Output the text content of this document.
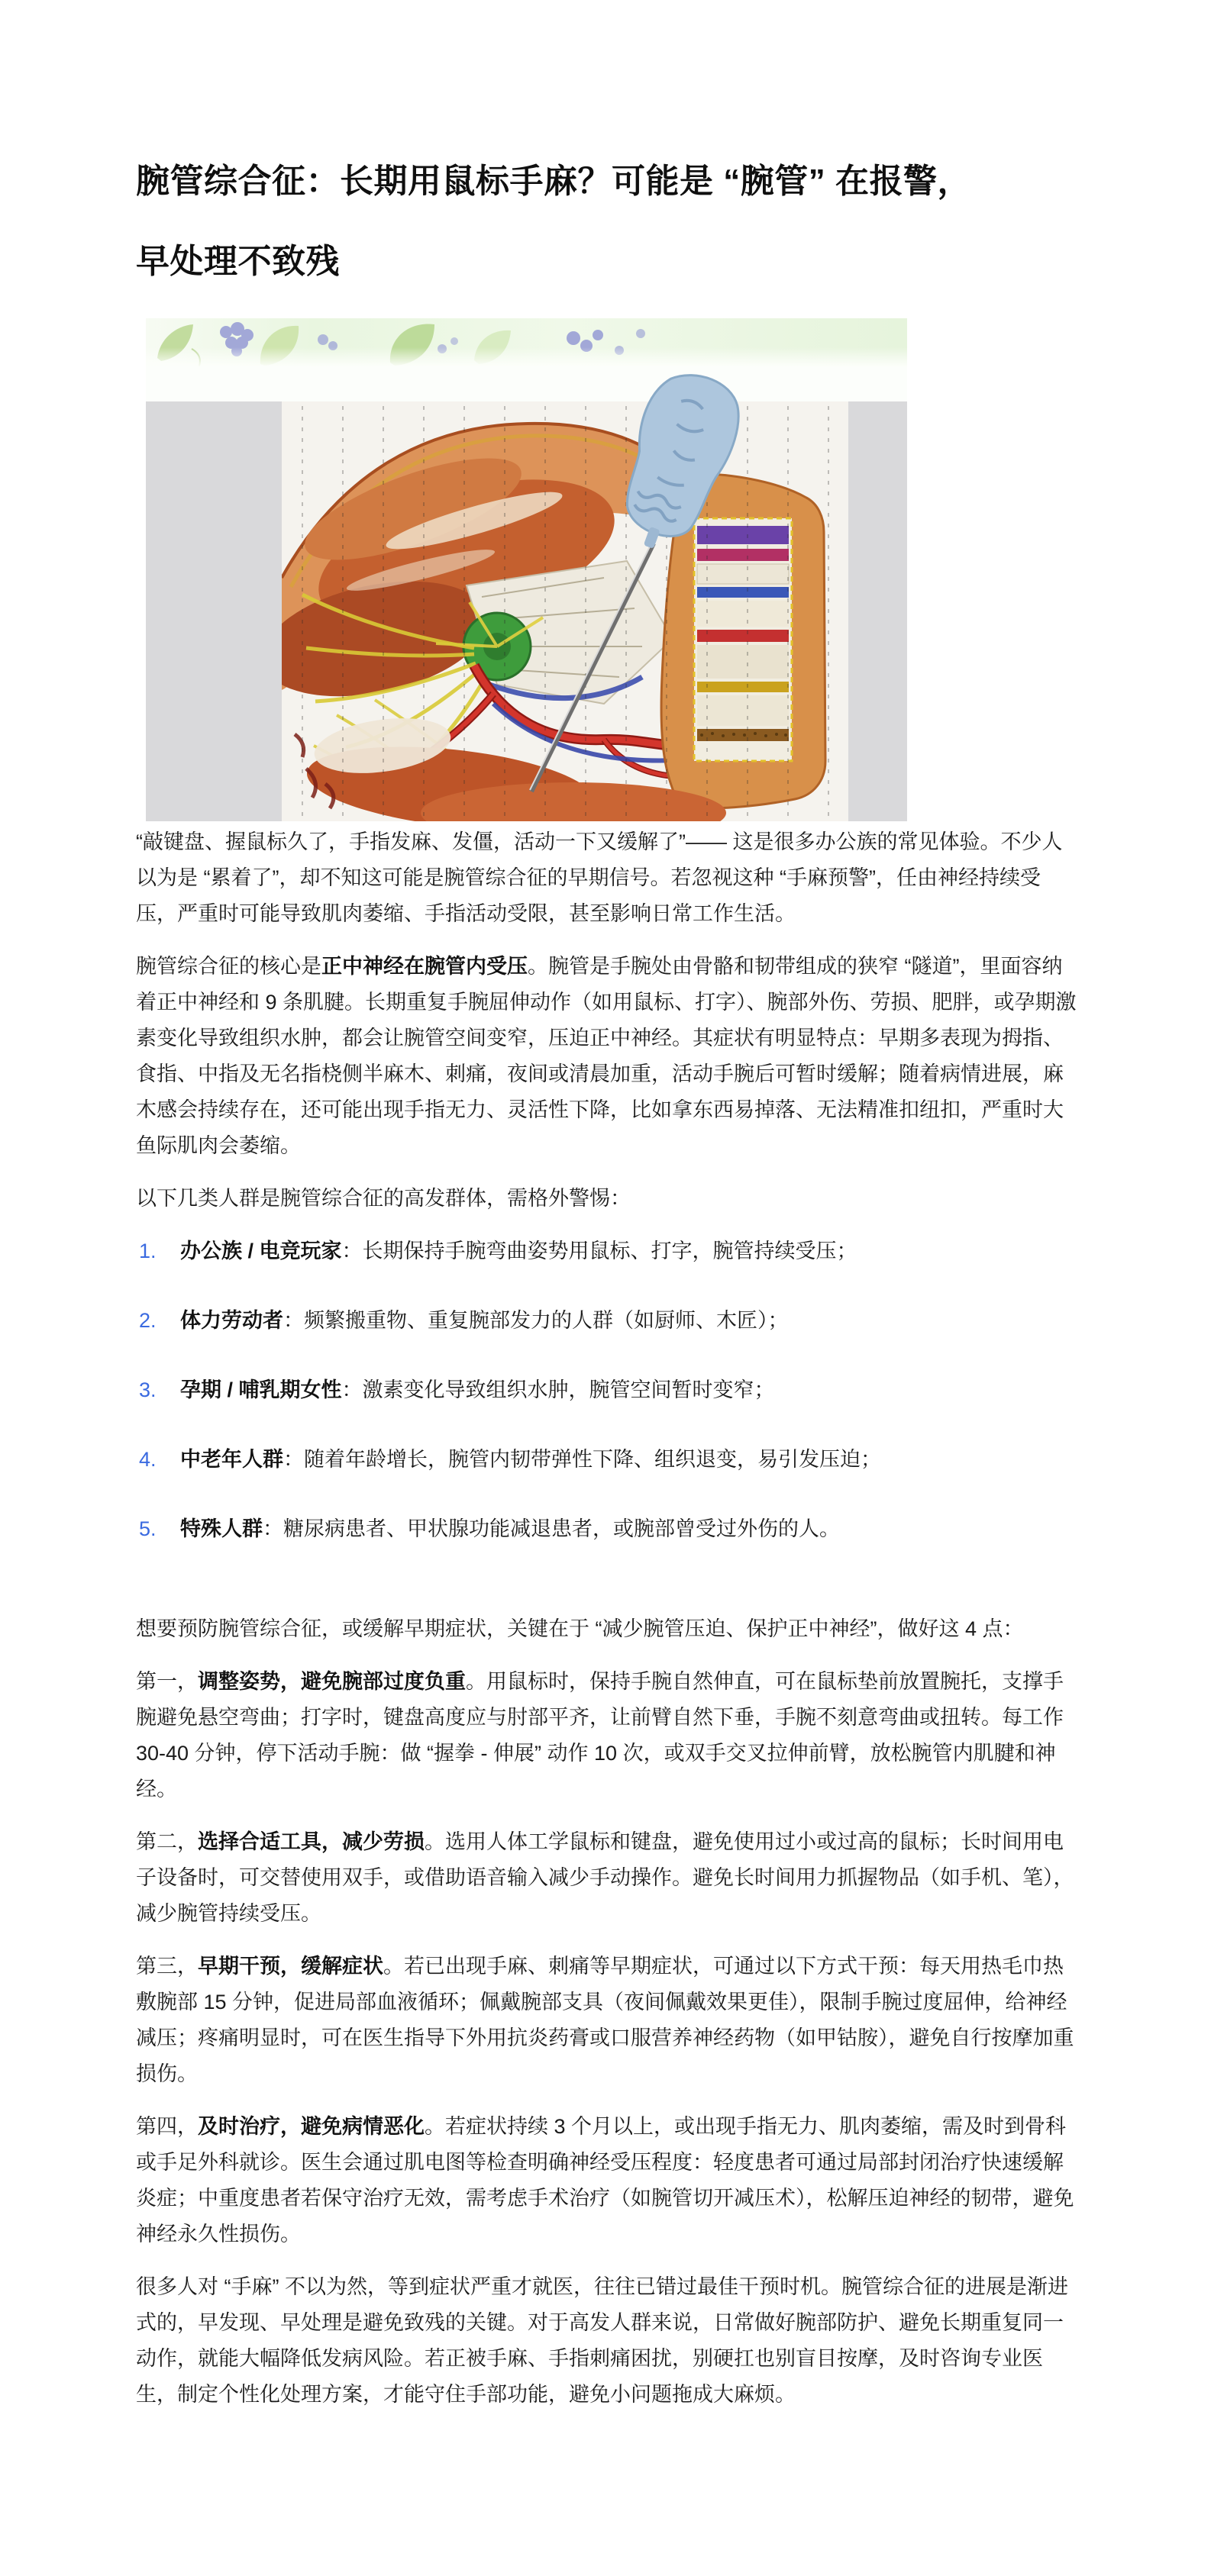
腕管综合征：长期用鼠标手麻？可能是 “腕管” 在报警，
早处理不致残

“敲键盘、握鼠标久了，手指发麻、发僵，活动一下又缓解了”—— 这是很多办公族的常见体验。不少人以为是 “累着了”，却不知这可能是腕管综合征的早期信号。若忽视这种 “手麻预警”，任由神经持续受压，严重时可能导致肌肉萎缩、手指活动受限，甚至影响日常工作生活。

腕管综合征的核心是正中神经在腕管内受压。腕管是手腕处由骨骼和韧带组成的狭窄 “隧道”，里面容纳着正中神经和 9 条肌腱。长期重复手腕屈伸动作（如用鼠标、打字）、腕部外伤、劳损、肥胖，或孕期激素变化导致组织水肿，都会让腕管空间变窄，压迫正中神经。其症状有明显特点：早期多表现为拇指、食指、中指及无名指桡侧半麻木、刺痛，夜间或清晨加重，活动手腕后可暂时缓解；随着病情进展，麻木感会持续存在，还可能出现手指无力、灵活性下降，比如拿东西易掉落、无法精准扣纽扣，严重时大鱼际肌肉会萎缩。

以下几类人群是腕管综合征的高发群体，需格外警惕：

1. 办公族 / 电竞玩家：长期保持手腕弯曲姿势用鼠标、打字，腕管持续受压；
2. 体力劳动者：频繁搬重物、重复腕部发力的人群（如厨师、木匠）；
3. 孕期 / 哺乳期女性：激素变化导致组织水肿，腕管空间暂时变窄；
4. 中老年人群：随着年龄增长，腕管内韧带弹性下降、组织退变，易引发压迫；
5. 特殊人群：糖尿病患者、甲状腺功能减退患者，或腕部曾受过外伤的人。

想要预防腕管综合征，或缓解早期症状，关键在于 “减少腕管压迫、保护正中神经”，做好这 4 点：

第一，调整姿势，避免腕部过度负重。用鼠标时，保持手腕自然伸直，可在鼠标垫前放置腕托，支撑手腕避免悬空弯曲；打字时，键盘高度应与肘部平齐，让前臂自然下垂，手腕不刻意弯曲或扭转。每工作 30-40 分钟，停下活动手腕：做 “握拳 - 伸展” 动作 10 次，或双手交叉拉伸前臂，放松腕管内肌腱和神经。

第二，选择合适工具，减少劳损。选用人体工学鼠标和键盘，避免使用过小或过高的鼠标；长时间用电子设备时，可交替使用双手，或借助语音输入减少手动操作。避免长时间用力抓握物品（如手机、笔），减少腕管持续受压。

第三，早期干预，缓解症状。若已出现手麻、刺痛等早期症状，可通过以下方式干预：每天用热毛巾热敷腕部 15 分钟，促进局部血液循环；佩戴腕部支具（夜间佩戴效果更佳），限制手腕过度屈伸，给神经减压；疼痛明显时，可在医生指导下外用抗炎药膏或口服营养神经药物（如甲钴胺），避免自行按摩加重损伤。

第四，及时治疗，避免病情恶化。若症状持续 3 个月以上，或出现手指无力、肌肉萎缩，需及时到骨科或手足外科就诊。医生会通过肌电图等检查明确神经受压程度：轻度患者可通过局部封闭治疗快速缓解炎症；中重度患者若保守治疗无效，需考虑手术治疗（如腕管切开减压术），松解压迫神经的韧带，避免神经永久性损伤。

很多人对 “手麻” 不以为然，等到症状严重才就医，往往已错过最佳干预时机。腕管综合征的进展是渐进式的，早发现、早处理是避免致残的关键。对于高发人群来说，日常做好腕部防护、避免长期重复同一动作，就能大幅降低发病风险。若正被手麻、手指刺痛困扰，别硬扛也别盲目按摩，及时咨询专业医生，制定个性化处理方案，才能守住手部功能，避免小问题拖成大麻烦。
